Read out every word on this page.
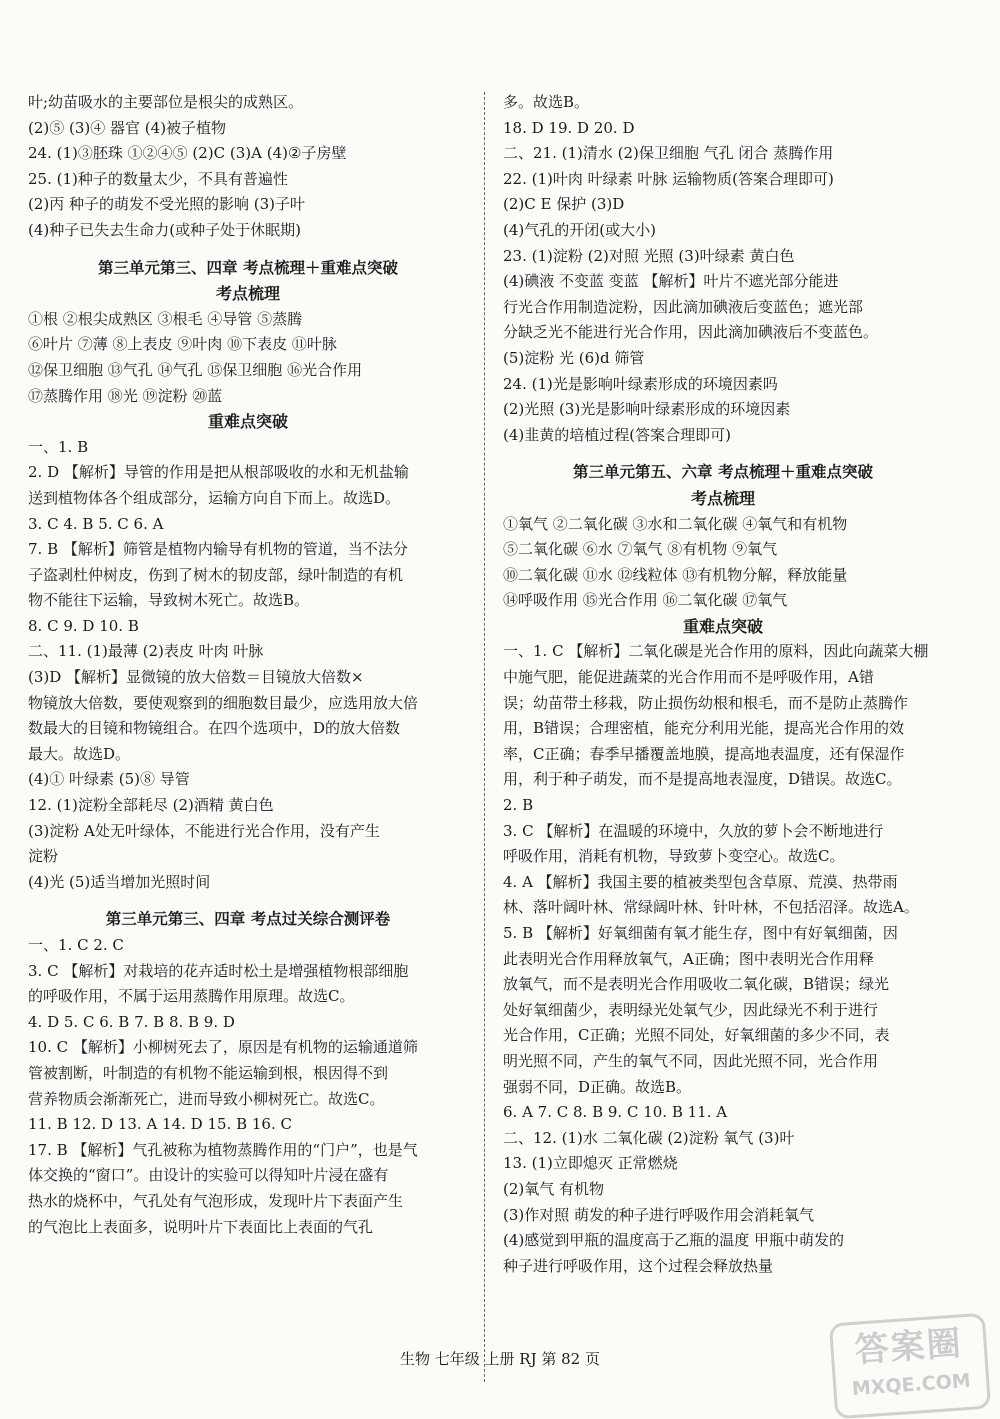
叶;幼苗吸水的主要部位是根尖的成熟区。
(2)⑤ (3)④ 器官 (4)被子植物
24. (1)③胚珠 ①②④⑤ (2)C (3)A (4)②子房壁
25. (1)种子的数量太少，不具有普遍性
(2)丙 种子的萌发不受光照的影响 (3)子叶
(4)种子已失去生命力(或种子处于休眠期)
第三单元第三、四章 考点梳理＋重难点突破
考点梳理
①根 ②根尖成熟区 ③根毛 ④导管 ⑤蒸腾
⑥叶片 ⑦薄 ⑧上表皮 ⑨叶肉 ⑩下表皮 ⑪叶脉
⑫保卫细胞 ⑬气孔 ⑭气孔 ⑮保卫细胞 ⑯光合作用
⑰蒸腾作用 ⑱光 ⑲淀粉 ⑳蓝
重难点突破
一、1. B
2. D 【解析】导管的作用是把从根部吸收的水和无机盐输
送到植物体各个组成部分，运输方向自下而上。故选D。
3. C 4. B 5. C 6. A
7. B 【解析】筛管是植物内输导有机物的管道，当不法分
子盗剥杜仲树皮，伤到了树木的韧皮部，绿叶制造的有机
物不能往下运输，导致树木死亡。故选B。
8. C 9. D 10. B
二、11. (1)最薄 (2)表皮 叶肉 叶脉
(3)D 【解析】显微镜的放大倍数＝目镜放大倍数×
物镜放大倍数，要使观察到的细胞数目最少，应选用放大倍
数最大的目镜和物镜组合。在四个选项中，D的放大倍数
最大。故选D。
(4)① 叶绿素 (5)⑧ 导管
12. (1)淀粉全部耗尽 (2)酒精 黄白色
(3)淀粉 A处无叶绿体，不能进行光合作用，没有产生
淀粉
(4)光 (5)适当增加光照时间
第三单元第三、四章 考点过关综合测评卷
一、1. C 2. C
3. C 【解析】对栽培的花卉适时松土是增强植物根部细胞
的呼吸作用，不属于运用蒸腾作用原理。故选C。
4. D 5. C 6. B 7. B 8. B 9. D
10. C 【解析】小柳树死去了，原因是有机物的运输通道筛
管被割断，叶制造的有机物不能运输到根，根因得不到
营养物质会渐渐死亡，进而导致小柳树死亡。故选C。
11. B 12. D 13. A 14. D 15. B 16. C
17. B 【解析】气孔被称为植物蒸腾作用的“门户”，也是气
体交换的“窗口”。由设计的实验可以得知叶片浸在盛有
热水的烧杯中，气孔处有气泡形成，发现叶片下表面产生
的气泡比上表面多，说明叶片下表面比上表面的气孔
多。故选B。
18. D 19. D 20. D
二、21. (1)清水 (2)保卫细胞 气孔 闭合 蒸腾作用
22. (1)叶肉 叶绿素 叶脉 运输物质(答案合理即可)
(2)C E 保护 (3)D
(4)气孔的开闭(或大小)
23. (1)淀粉 (2)对照 光照 (3)叶绿素 黄白色
(4)碘液 不变蓝 变蓝 【解析】叶片不遮光部分能进
行光合作用制造淀粉，因此滴加碘液后变蓝色；遮光部
分缺乏光不能进行光合作用，因此滴加碘液后不变蓝色。
(5)淀粉 光 (6)d 筛管
24. (1)光是影响叶绿素形成的环境因素吗
(2)光照 (3)光是影响叶绿素形成的环境因素
(4)韭黄的培植过程(答案合理即可)
第三单元第五、六章 考点梳理＋重难点突破
考点梳理
①氧气 ②二氧化碳 ③水和二氧化碳 ④氧气和有机物
⑤二氧化碳 ⑥水 ⑦氧气 ⑧有机物 ⑨氧气
⑩二氧化碳 ⑪水 ⑫线粒体 ⑬有机物分解，释放能量
⑭呼吸作用 ⑮光合作用 ⑯二氧化碳 ⑰氧气
重难点突破
一、1. C 【解析】二氧化碳是光合作用的原料，因此向蔬菜大棚
中施气肥，能促进蔬菜的光合作用而不是呼吸作用，A错
误；幼苗带土移栽，防止损伤幼根和根毛，而不是防止蒸腾作
用，B错误；合理密植，能充分利用光能，提高光合作用的效
率，C正确；春季早播覆盖地膜，提高地表温度，还有保湿作
用，利于种子萌发，而不是提高地表湿度，D错误。故选C。
2. B
3. C 【解析】在温暖的环境中，久放的萝卜会不断地进行
呼吸作用，消耗有机物，导致萝卜变空心。故选C。
4. A 【解析】我国主要的植被类型包含草原、荒漠、热带雨
林、落叶阔叶林、常绿阔叶林、针叶林，不包括沼泽。故选A。
5. B 【解析】好氧细菌有氧才能生存，图中有好氧细菌，因
此表明光合作用释放氧气，A正确；图中表明光合作用释
放氧气，而不是表明光合作用吸收二氧化碳，B错误；绿光
处好氧细菌少，表明绿光处氧气少，因此绿光不利于进行
光合作用，C正确；光照不同处，好氧细菌的多少不同，表
明光照不同，产生的氧气不同，因此光照不同，光合作用
强弱不同，D正确。故选B。
6. A 7. C 8. B 9. C 10. B 11. A
二、12. (1)水 二氧化碳 (2)淀粉 氧气 (3)叶
13. (1)立即熄灭 正常燃烧
(2)氧气 有机物
(3)作对照 萌发的种子进行呼吸作用会消耗氧气
(4)感觉到甲瓶的温度高于乙瓶的温度 甲瓶中萌发的
种子进行呼吸作用，这个过程会释放热量
生物 七年级 上册 RJ 第 82 页	答案圈
MXQE.COM
